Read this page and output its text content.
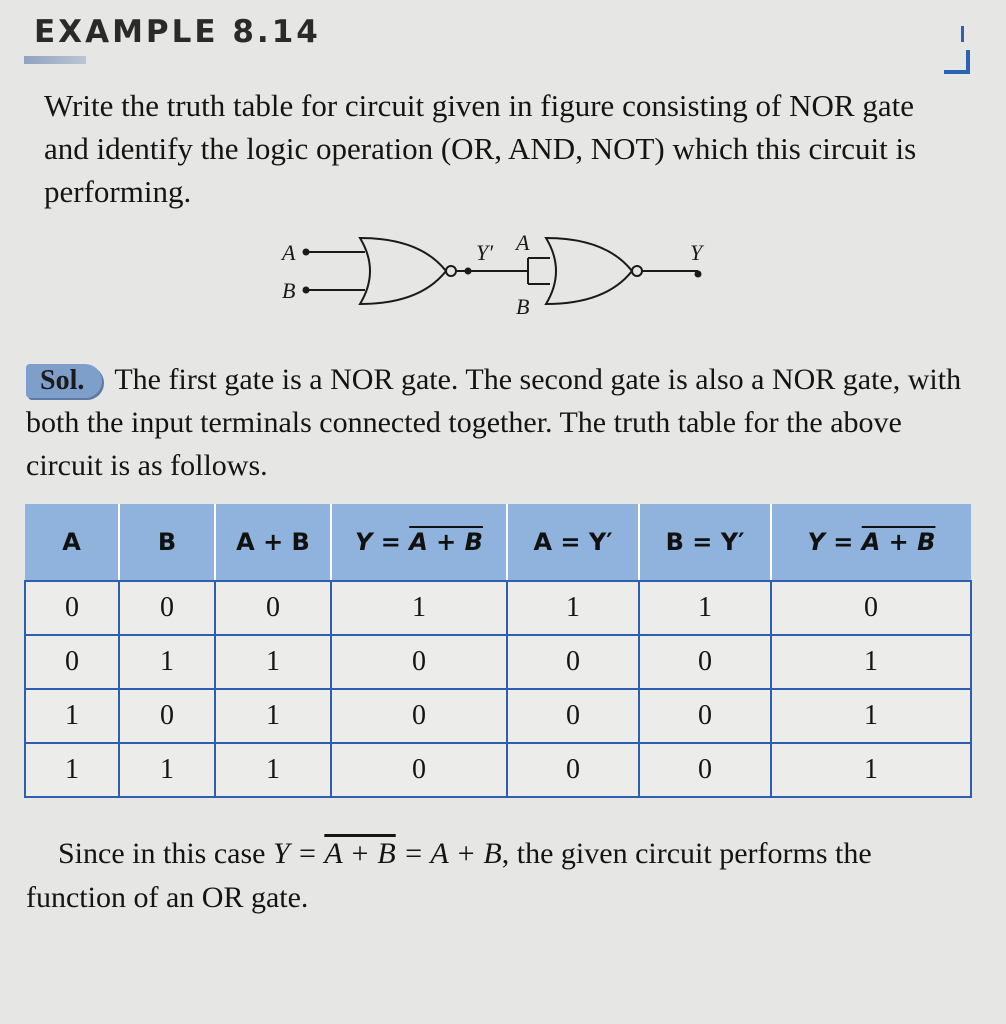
EXAMPLE 8.14

Write the truth table for circuit given in figure consisting of NOR gate and identify the logic operation (OR, AND, NOT) which this circuit is performing.

A
B
Y′ A
B
Y

Sol. The first gate is a NOR gate. The second gate is also a NOR gate, with both the input terminals connected together. The truth table for the above circuit is as follows.

A	B	A + B	Y = A + B	A = Y′	B = Y′	Y = A + B
0	0	0	1	1	1	0
0	1	1	0	0	0	1
1	0	1	0	0	0	1
1	1	1	0	0	0	1

Since in this case Y = A + B = A + B, the given circuit performs the function of an OR gate.
